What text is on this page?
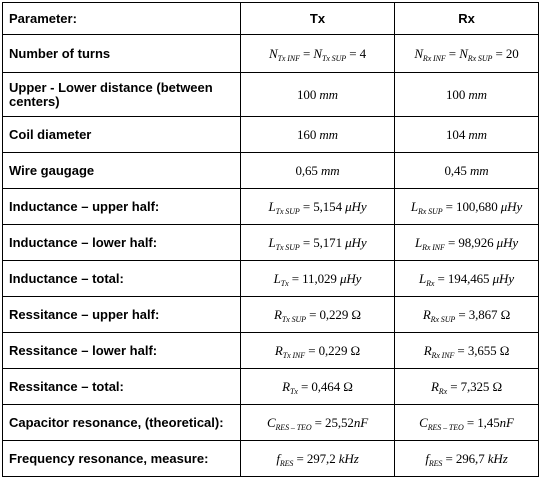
Parameter:	Tx	Rx
Number of turns	$N_{Tx INF} = N_{Tx SUP} = 4$	$N_{Rx INF} = N_{Rx SUP} = 20$
Upper - Lower distance (between centers)	100 mm	100 mm
Coil diameter	160 mm	104 mm
Wire gaugage	0,65 mm	0,45 mm
Inductance – upper half:	$L_{Tx SUP} = 5,154$ μHy	$L_{Rx SUP} = 100,680$ μHy
Inductance – lower half:	$L_{Tx SUP} = 5,171$ μHy	$L_{Rx INF} = 98,926$ μHy
Inductance – total:	$L_{Tx} = 11,029$ μHy	$L_{Rx} = 194,465$ μHy
Ressitance – upper half:	$R_{Tx SUP} = 0,229$ Ω	$R_{Rx SUP} = 3,867$ Ω
Ressitance – lower half:	$R_{Tx INF} = 0,229$ Ω	$R_{Rx INF} = 3,655$ Ω
Ressitance – total:	$R_{Tx} = 0,464$ Ω	$R_{Rx} = 7,325$ Ω
Capacitor resonance, (theoretical):	$C_{RES - TEO} = 25,52nF$	$C_{RES - TEO} = 1,45nF$
Frequency resonance, measure:	$f_{RES} = 297,2$ kHz	$f_{RES} = 296,7$ kHz
